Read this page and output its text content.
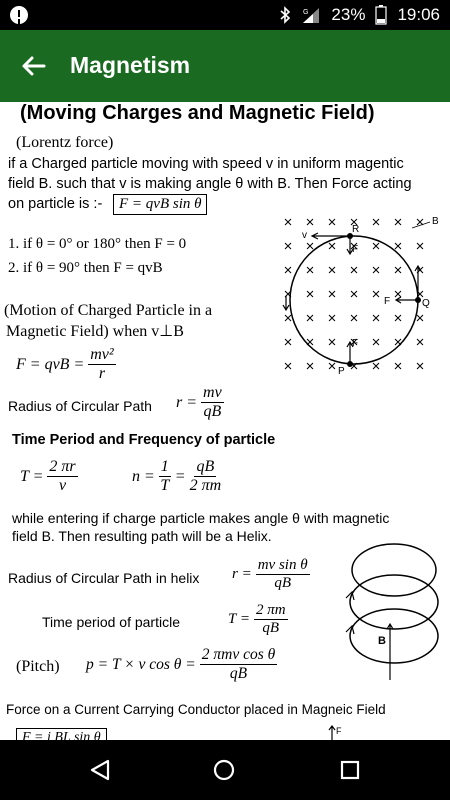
G 23% 19:06
Magnetism
(Moving Charges and Magnetic Field)
(Lorentz force)
if a Charged particle moving with speed v in uniform magentic
field B. such that v is making angle θ with B. Then Force acting
on particle is :-	F = qvB sin θ
1. if θ = 0° or 180° then F = 0
2. if θ = 90° then F = qvB
(Motion of Charged Particle in a
Magnetic Field) when v⊥B
F = qvB = $\frac{\text{mv²}}{r}$
Radius of Circular Path $r = \frac{mv}{qB}$
Time Period and Frequency of particle
$T = \frac{2 \pi r}{v}$	$n = \frac{1}{T} = \frac{qB}{2 \pi m}$
while entering if charge particle makes angle θ with magnetic
field B. Then resulting path will be a Helix.
Radius of Circular Path in helix $r = \frac{\text{mv sin θ}}{qB}$
Time period of particle	$T = \frac{2 \pi m}{qB}$
(Pitch) p = T × v $\cos \theta = \frac{\text{2 πmv cos θ}}{qB}$
Force on a Current Carrying Conductor placed in Magneic Field
F = i BL sin θ
R
v
F
Q
F
F
P
B
B
F
